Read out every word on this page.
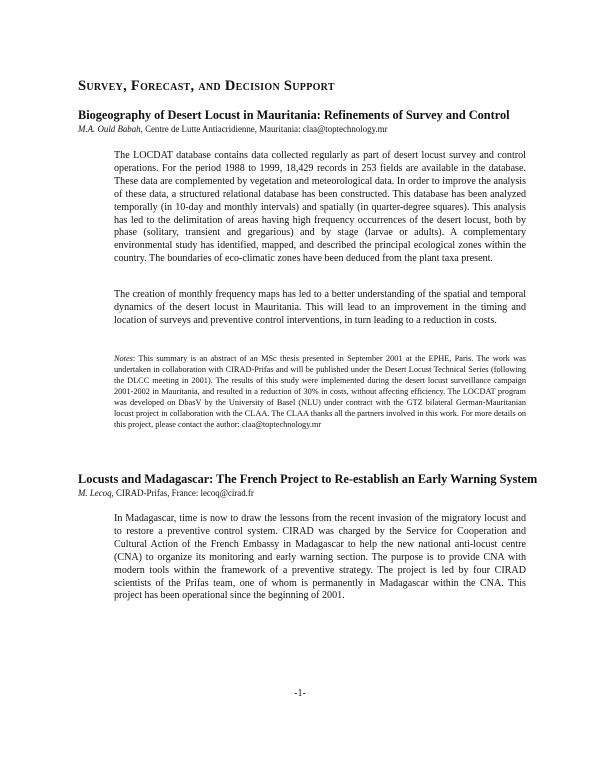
Survey, Forecast, and Decision Support
Biogeography of Desert Locust in Mauritania: Refinements of Survey and Control

M.A. Ould Babah, Centre de Lutte Antiacridienne, Mauritania: claa@toptechnology.mr

The LOCDAT database contains data collected regularly as part of desert locust survey and control operations. For the period 1988 to 1999, 18,429 records in 253 fields are available in the database. These data are complemented by vegetation and meteorological data. In order to improve the analysis of these data, a structured relational database has been constructed. This database has been analyzed temporally (in 10-day and monthly intervals) and spatially (in quarter-degree squares). This analysis has led to the delimitation of areas having high frequency occurrences of the desert locust, both by phase (solitary, transient and gregarious) and by stage (larvae or adults). A complementary environmental study has identified, mapped, and described the principal ecological zones within the country. The boundaries of eco-climatic zones have been deduced from the plant taxa present.

The creation of monthly frequency maps has led to a better understanding of the spatial and temporal dynamics of the desert locust in Mauritania. This will lead to an improvement in the timing and location of surveys and preventive control interventions, in turn leading to a reduction in costs.

Notes: This summary is an abstract of an MSc thesis presented in September 2001 at the EPHE, Paris. The work was undertaken in collaboration with CIRAD-Prifas and will be published under the Desert Locust Technical Series (following the DLCC meeting in 2001). The results of this study were implemented during the desert locust surveillance campaign 2001-2002 in Mauritania, and resulted in a reduction of 30% in costs, without affecting efficiency. The LOCDAT program was developed on DbasV by the University of Basel (NLU) under contract with the GTZ bilateral German-Mauritanian locust project in collaboration with the CLAA. The CLAA thanks all the partners involved in this work. For more details on this project, please contact the author: claa@toptechnology.mr

Locusts and Madagascar: The French Project to Re-establish an Early Warning System

M. Lecoq, CIRAD-Prifas, France: lecoq@cirad.fr

In Madagascar, time is now to draw the lessons from the recent invasion of the migratory locust and to restore a preventive control system. CIRAD was charged by the Service for Cooperation and Cultural Action of the French Embassy in Madagascar to help the new national anti-locust centre (CNA) to organize its monitoring and early warning section. The purpose is to provide CNA with modern tools within the framework of a preventive strategy. The project is led by four CIRAD scientists of the Prifas team, one of whom is permanently in Madagascar within the CNA. This project has been operational since the beginning of 2001.

-1-
